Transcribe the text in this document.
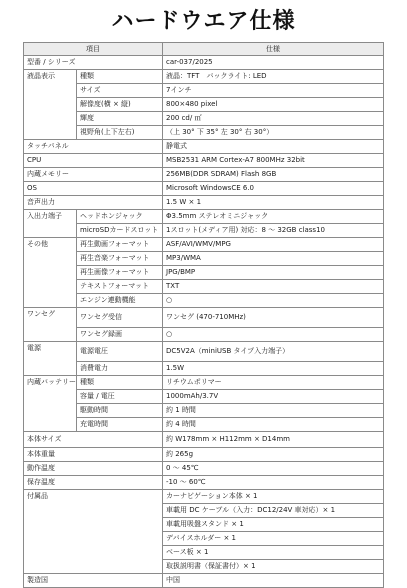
ハードウエア仕様
項目		仕様
型番 / シリーズ		car-037/2025
液晶表示	種類	液晶：TFT　バックライト: LED
	サイズ	7インチ
	解像度(横 × 縦)	800×480 pixel
	輝度	200 cd/ ㎡
	視野角(上下左右)	（上 30° 下 35° 左 30° 右 30°）
タッチパネル		静電式
CPU		MSB2531 ARM Cortex-A7 800MHz 32bit
内蔵メモリー		256MB(DDR SDRAM) Flash 8GB
OS		Microsoft WindowsCE 6.0
音声出力		1.5 W × 1
入出力端子	ヘッドホンジャック	Φ3.5mm ステレオミニジャック
	microSDカードスロット	1スロット(メディア用) 対応：8 ～ 32GB class10
その他	再生動画フォーマット	ASF/AVI/WMV/MPG
	再生音楽フォーマット	MP3/WMA
	再生画像フォーマット	JPG/BMP
	テキストフォーマット	TXT
	エンジン連動機能	○
ワンセグ	ワンセグ受信	ワンセグ (470-710MHz)
	ワンセグ録画	○
電源	電源電圧	DC5V2A（miniUSB タイプ入力端子）
	消費電力	1.5W
内蔵バッテリー	種類	リチウムポリマー
	容量 / 電圧	1000mAh/3.7V
	駆動時間	約 1 時間
	充電時間	約 4 時間
本体サイズ		約 W178mm × H112mm × D14mm
本体重量		約 265g
動作温度		0 ～ 45℃
保存温度		-10 ～ 60℃
付属品		カーナビゲーション本体 × 1
		車載用 DC ケーブル（入力：DC12/24V 車対応）× 1
		車載用吸盤スタンド × 1
		デバイスホルダー × 1
		ベース板 × 1
		取扱説明書（保証書付）× 1
製造国		中国
